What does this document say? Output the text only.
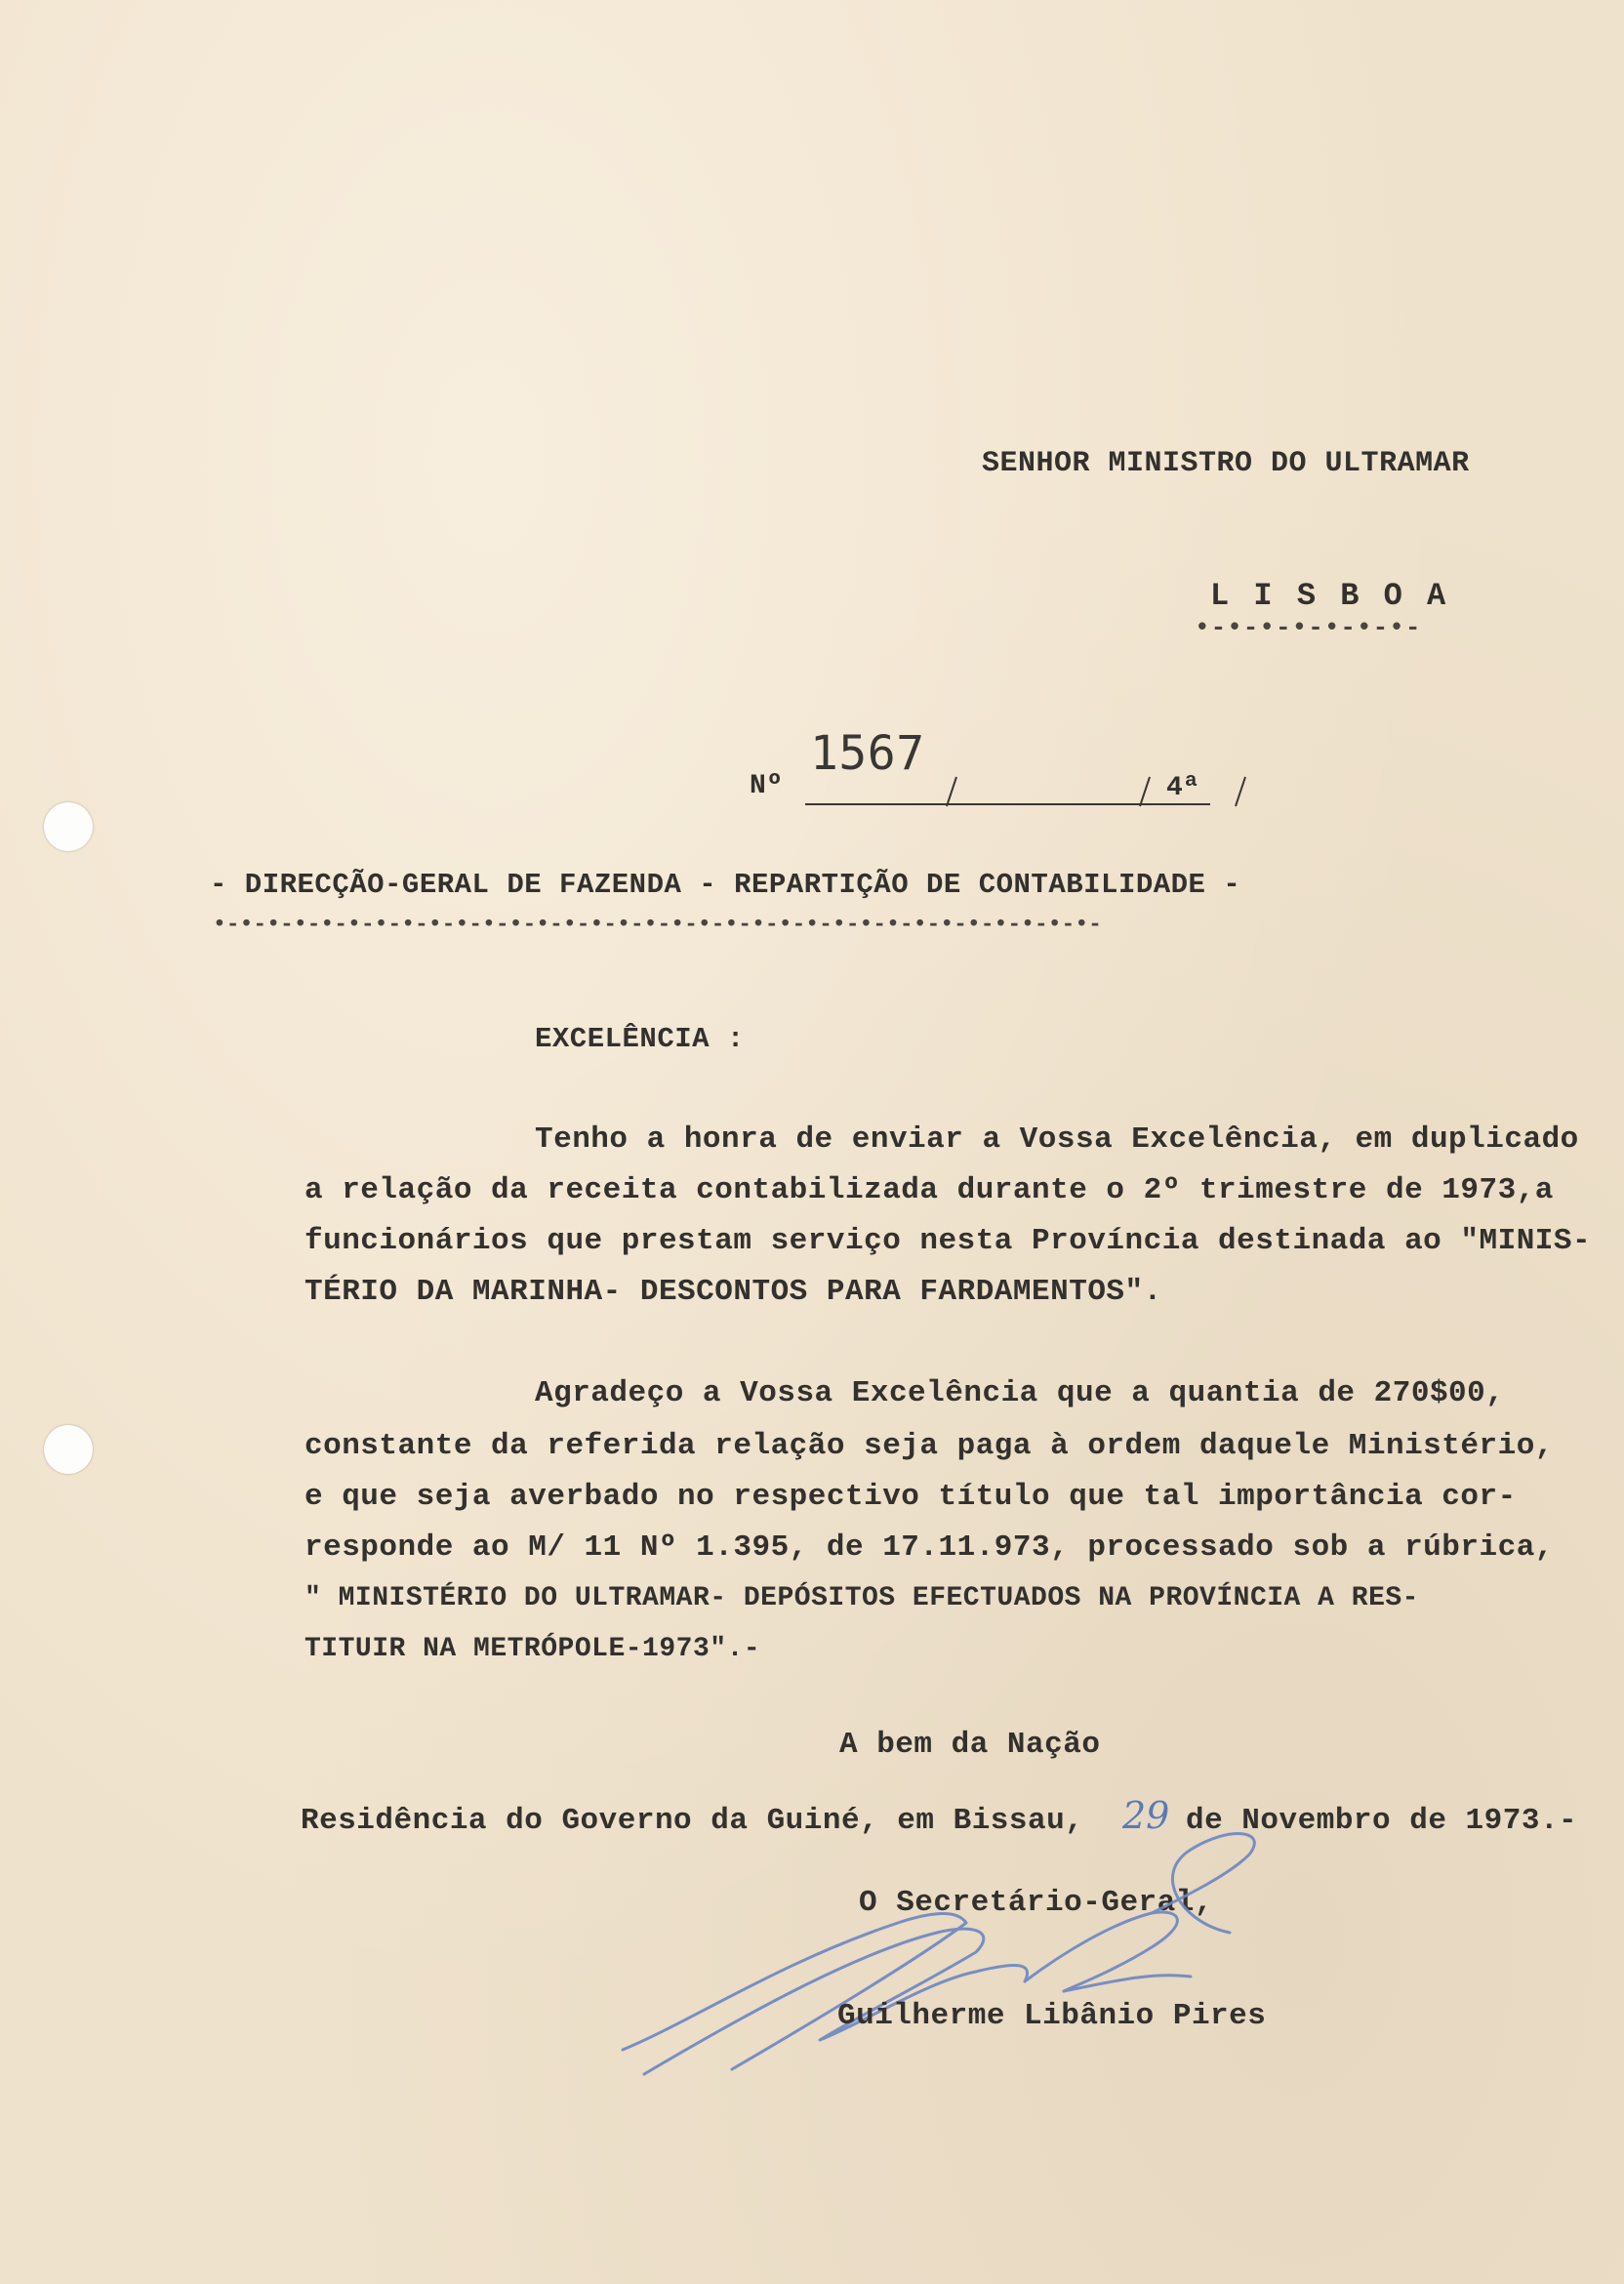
SENHOR MINISTRO DO ULTRAMAR
L I S B O A
•-•-•-•-•-•-•-
Nº
1567
4ª
- DIRECÇÃO-GERAL DE FAZENDA - REPARTIÇÃO DE CONTABILIDADE -
•-•-•-•-•-•-•-•-•-•-•-•-•-•-•-•-•-•-•-•-•-•-•-•-•-•-•-•-•-•-•-•-•-
EXCELÊNCIA :
Tenho a honra de enviar a Vossa Excelência, em duplicado
a relação da receita contabilizada durante o 2º trimestre de 1973,a
funcionários que prestam serviço nesta Província destinada ao "MINIS-
TÉRIO DA MARINHA- DESCONTOS PARA FARDAMENTOS".
Agradeço a Vossa Excelência que a quantia de 270$00,
constante da referida relação seja paga à ordem daquele Ministério,
e que seja averbado no respectivo título que tal importância cor-
responde ao M/ 11 Nº 1.395, de 17.11.973, processado sob a rúbrica,
" MINISTÉRIO DO ULTRAMAR- DEPÓSITOS EFECTUADOS NA PROVÍNCIA A RES-
TITUIR NA METRÓPOLE-1973".-
A bem da Nação
Residência do Governo da Guiné, em Bissau, 29 de Novembro de 1973.-
O Secretário-Geral,
Guilherme Libânio Pires
